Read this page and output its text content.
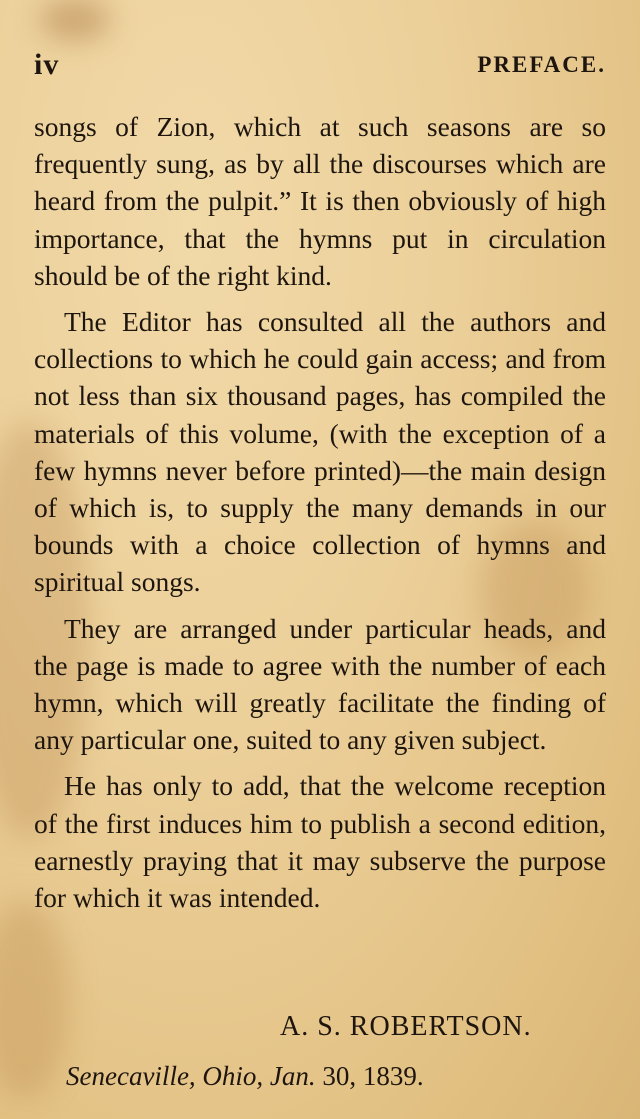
iv	PREFACE.

songs of Zion, which at such seasons are so frequently sung, as by all the discourses which are heard from the pulpit.” It is then obviously of high importance, that the hymns put in circulation should be of the right kind.

The Editor has consulted all the authors and collections to which he could gain access; and from not less than six thousand pages, has compiled the materials of this volume, (with the exception of a few hymns never before printed)—the main design of which is, to supply the many demands in our bounds with a choice collection of hymns and spiritual songs.

They are arranged under particular heads, and the page is made to agree with the number of each hymn, which will greatly facilitate the finding of any particular one, suited to any given subject.

He has only to add, that the welcome reception of the first induces him to publish a second edition, earnestly praying that it may subserve the purpose for which it was intended.

A. S. ROBERTSON.
Senecaville, Ohio, Jan. 30, 1839.
